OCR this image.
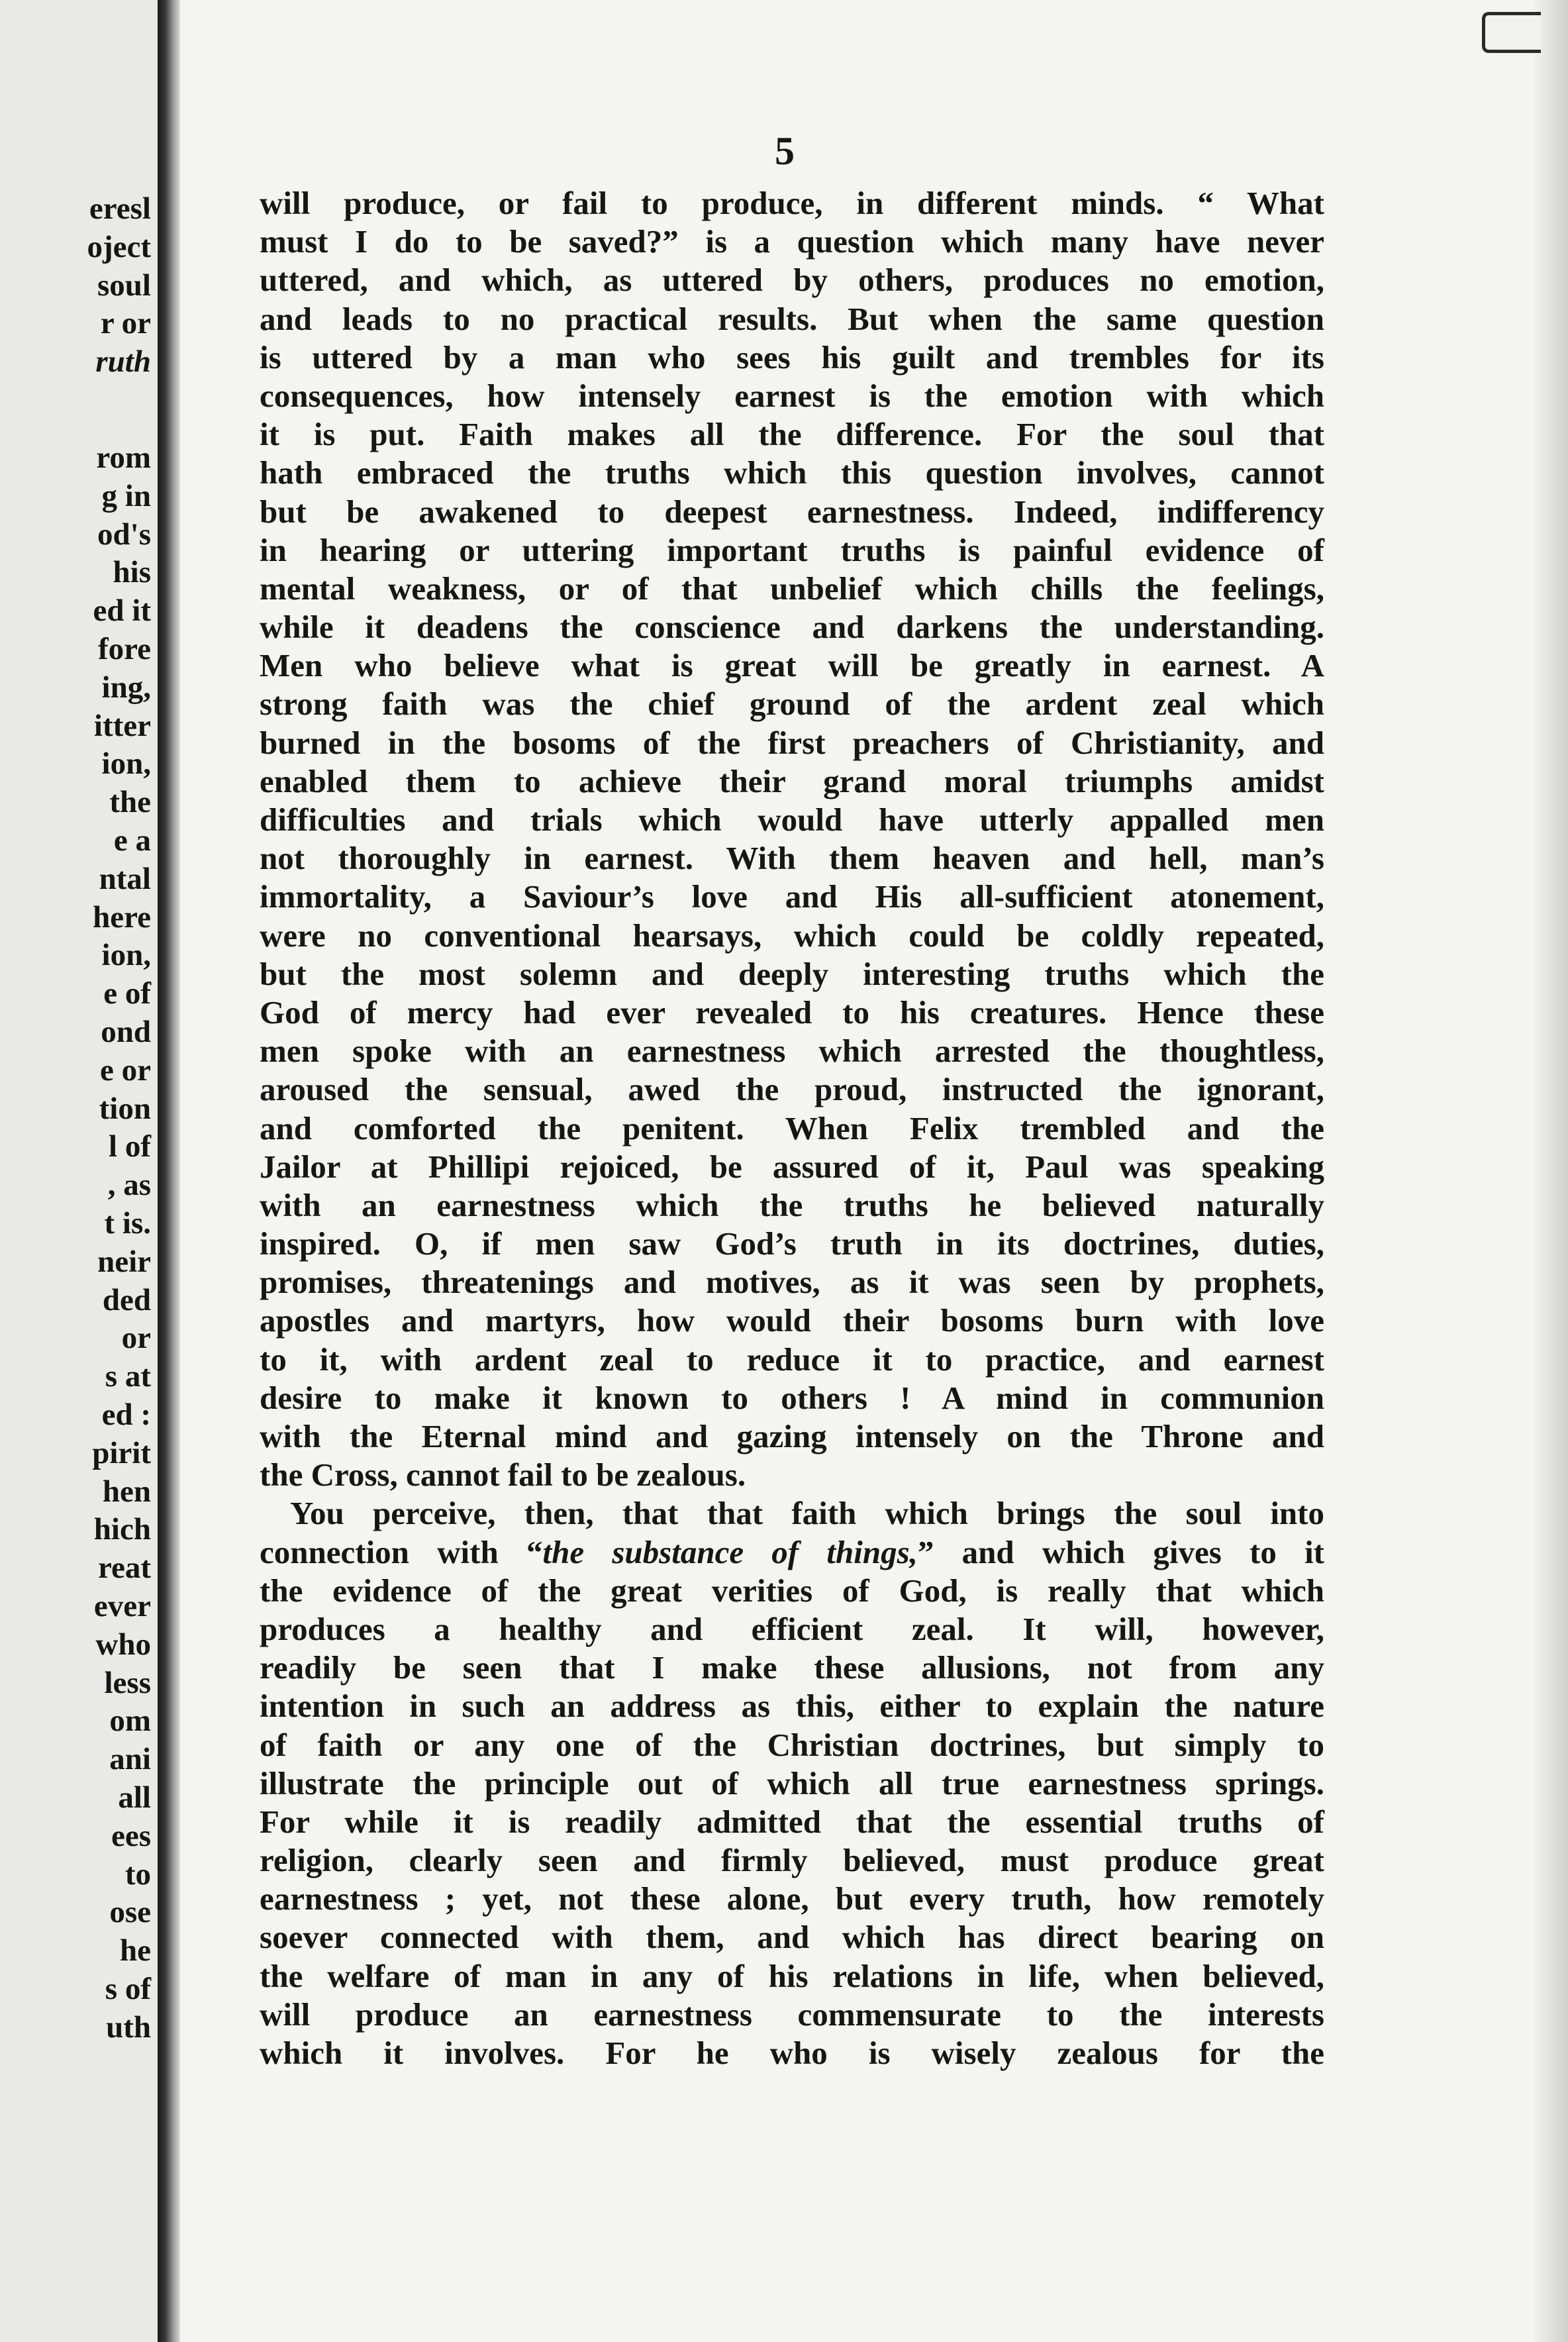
eresl

oject

soul

r or

ruth

rom

g in

od's

his

ed it

fore

ing,

itter

ion,

the

e a

ntal

here

ion,

e of

ond

e or

tion

l of

, as

t is.

neir

ded

or

s at

ed :

pirit

hen

hich

reat

ever

who

less

om

ani

all

ees

to

ose

he

s of

uth

5

will produce, or fail to produce, in different minds. “ What
must I do to be saved?” is a question which many have never
uttered, and which, as uttered by others, produces no emotion,
and leads to no practical results. But when the same question
is uttered by a man who sees his guilt and trembles for its
consequences, how intensely earnest is the emotion with which
it is put. Faith makes all the difference. For the soul that
hath embraced the truths which this question involves, cannot
but be awakened to deepest earnestness. Indeed, indifferency
in hearing or uttering important truths is painful evidence of
mental weakness, or of that unbelief which chills the feelings,
while it deadens the conscience and darkens the understanding.
Men who believe what is great will be greatly in earnest. A
strong faith was the chief ground of the ardent zeal which
burned in the bosoms of the first preachers of Christianity, and
enabled them to achieve their grand moral triumphs amidst
difficulties and trials which would have utterly appalled men
not thoroughly in earnest. With them heaven and hell, man’s
immortality, a Saviour’s love and His all-sufficient atonement,
were no conventional hearsays, which could be coldly repeated,
but the most solemn and deeply interesting truths which the
God of mercy had ever revealed to his creatures. Hence these
men spoke with an earnestness which arrested the thoughtless,
aroused the sensual, awed the proud, instructed the ignorant,
and comforted the penitent. When Felix trembled and the
Jailor at Phillipi rejoiced, be assured of it, Paul was speaking
with an earnestness which the truths he believed naturally
inspired. O, if men saw God’s truth in its doctrines, duties,
promises, threatenings and motives, as it was seen by prophets,
apostles and martyrs, how would their bosoms burn with love
to it, with ardent zeal to reduce it to practice, and earnest
desire to make it known to others ! A mind in communion
with the Eternal mind and gazing intensely on the Throne and
the Cross, cannot fail to be zealous.
You perceive, then, that that faith which brings the soul into
connection with “the substance of things,” and which gives to it
the evidence of the great verities of God, is really that which
produces a healthy and efficient zeal. It will, however,
readily be seen that I make these allusions, not from any
intention in such an address as this, either to explain the nature
of faith or any one of the Christian doctrines, but simply to
illustrate the principle out of which all true earnestness springs.
For while it is readily admitted that the essential truths of
religion, clearly seen and firmly believed, must produce great
earnestness ; yet, not these alone, but every truth, how remotely
soever connected with them, and which has direct bearing on
the welfare of man in any of his relations in life, when believed,
will produce an earnestness commensurate to the interests
which it involves. For he who is wisely zealous for the
